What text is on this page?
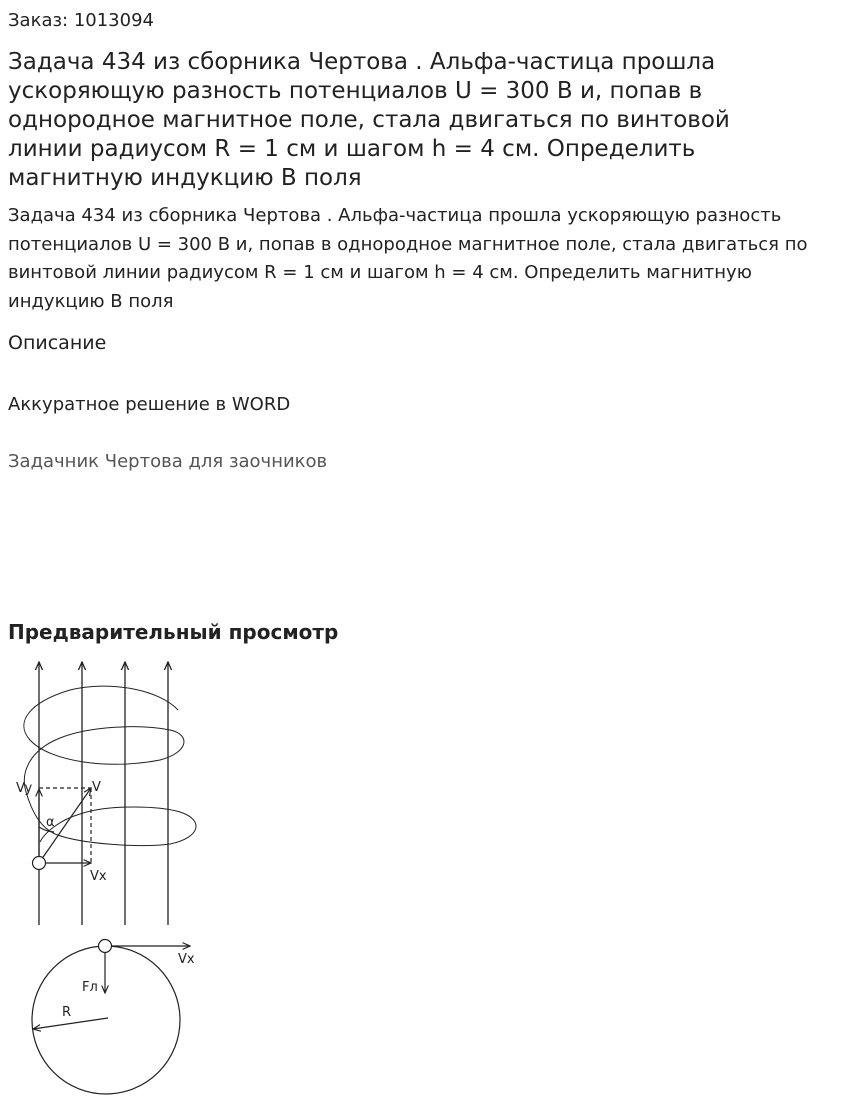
Заказ: 1013094
Задача 434 из сборника Чертова . Альфа-частица прошла ускоряющую разность потенциалов U = 300 В и, попав в однородное магнитное поле, стала двигаться по винтовой линии радиусом R = 1 см и шагом h = 4 см. Определить магнитную индукцию B поля
Задача 434 из сборника Чертова . Альфа-частица прошла ускоряющую разность потенциалов U = 300 В и, попав в однородное магнитное поле, стала двигаться по винтовой линии радиусом R = 1 см и шагом h = 4 см. Определить магнитную индукцию B поля
Описание
Аккуратное решение в WORD
Задачник Чертова для заочников
Предварительный просмотр
Vy	V
α
Vx
Vx
Fл
R
